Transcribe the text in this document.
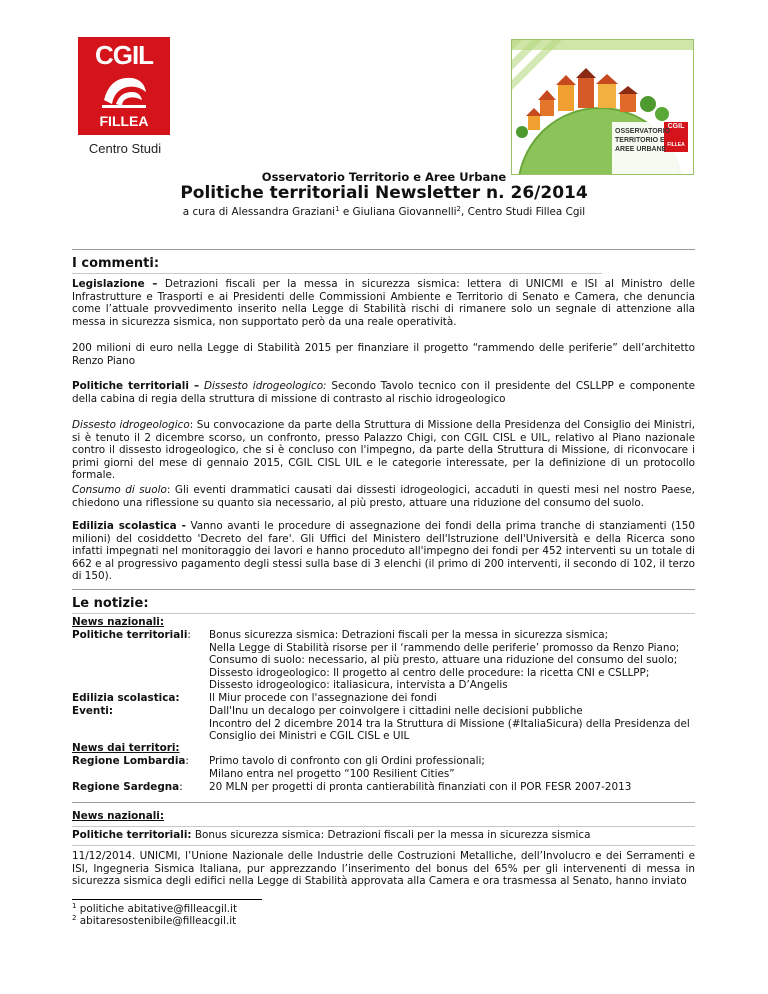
CGIL
FILLEA
Centro Studi
OSSERVATORIO
TERRITORIO E
AREE URBANE
CGIL
FILLEA
Osservatorio Territorio e Aree Urbane
Politiche territoriali Newsletter n. 26/2014
a cura di Alessandra Graziani$^1$ e Giuliana Giovannelli$^2$, Centro Studi Fillea Cgil
I commenti:
Legislazione – Detrazioni fiscali per la messa in sicurezza sismica: lettera di UNICMI e ISI al Ministro delle Infrastrutture e Trasporti e ai Presidenti delle Commissioni Ambiente e Territorio di Senato e Camera, che denuncia come l’attuale provvedimento inserito nella Legge di Stabilità rischi di rimanere solo un segnale di attenzione alla messa in sicurezza sismica, non supportato però da una reale operatività.
200 milioni di euro nella Legge di Stabilità 2015 per finanziare il progetto “rammendo delle periferie” dell’architetto Renzo Piano
Politiche territoriali – Dissesto idrogeologico: Secondo Tavolo tecnico con il presidente del CSLLPP e componente della cabina di regia della struttura di missione di contrasto al rischio idrogeologico
Dissesto idrogeologico: Su convocazione da parte della Struttura di Missione della Presidenza del Consiglio dei Ministri, si è tenuto il 2 dicembre scorso, un confronto, presso Palazzo Chigi, con CGIL CISL e UIL, relativo al Piano nazionale contro il dissesto idrogeologico, che si è concluso con l'impegno, da parte della Struttura di Missione, di riconvocare i primi giorni del mese di gennaio 2015, CGIL CISL UIL e le categorie interessate, per la definizione di un protocollo formale.
Consumo di suolo: Gli eventi drammatici causati dai dissesti idrogeologici, accaduti in questi mesi nel nostro Paese, chiedono una riflessione su quanto sia necessario, al più presto, attuare una riduzione del consumo del suolo.
Edilizia scolastica - Vanno avanti le procedure di assegnazione dei fondi della prima tranche di stanziamenti (150 milioni) del cosiddetto 'Decreto del fare'. Gli Uffici del Ministero dell'Istruzione dell'Università e della Ricerca sono infatti impegnati nel monitoraggio dei lavori e hanno proceduto all'impegno dei fondi per 452 interventi su un totale di 662 e al progressivo pagamento degli stessi sulla base di 3 elenchi (il primo di 200 interventi, il secondo di 102, il terzo di 150).
Le notizie:
News nazionali:
Politiche territoriali:	Bonus sicurezza sismica: Detrazioni fiscali per la messa in sicurezza sismica;
Nella Legge di Stabilità risorse per il ‘rammendo delle periferie’ promosso da Renzo Piano;
Consumo di suolo: necessario, al più presto, attuare una riduzione del consumo del suolo;
Dissesto idrogeologico: Il progetto al centro delle procedure: la ricetta CNI e CSLLPP;
Dissesto idrogeologico: italiasicura, intervista a D’Angelis
Edilizia scolastica:	Il Miur procede con l'assegnazione dei fondi
Eventi:	Dall'Inu un decalogo per coinvolgere i cittadini nelle decisioni pubbliche
Incontro del 2 dicembre 2014 tra la Struttura di Missione (#ItaliaSicura) della Presidenza del Consiglio dei Ministri e CGIL CISL e UIL
News dai territori:
Regione Lombardia:	Primo tavolo di confronto con gli Ordini professionali;
Milano entra nel progetto “100 Resilient Cities”
Regione Sardegna:	20 MLN per progetti di pronta cantierabilità finanziati con il POR FESR 2007-2013
News nazionali:
Politiche territoriali: Bonus sicurezza sismica: Detrazioni fiscali per la messa in sicurezza sismica
11/12/2014. UNICMI, l’Unione Nazionale delle Industrie delle Costruzioni Metalliche, dell’Involucro e dei Serramenti e ISI, Ingegneria Sismica Italiana, pur apprezzando l’inserimento del bonus del 65% per gli intervenenti di messa in sicurezza sismica degli edifici nella Legge di Stabilità approvata alla Camera e ora trasmessa al Senato, hanno inviato
$^1$ politiche abitative@filleacgil.it
$^2$ abitaresostenibile@filleacgil.it
